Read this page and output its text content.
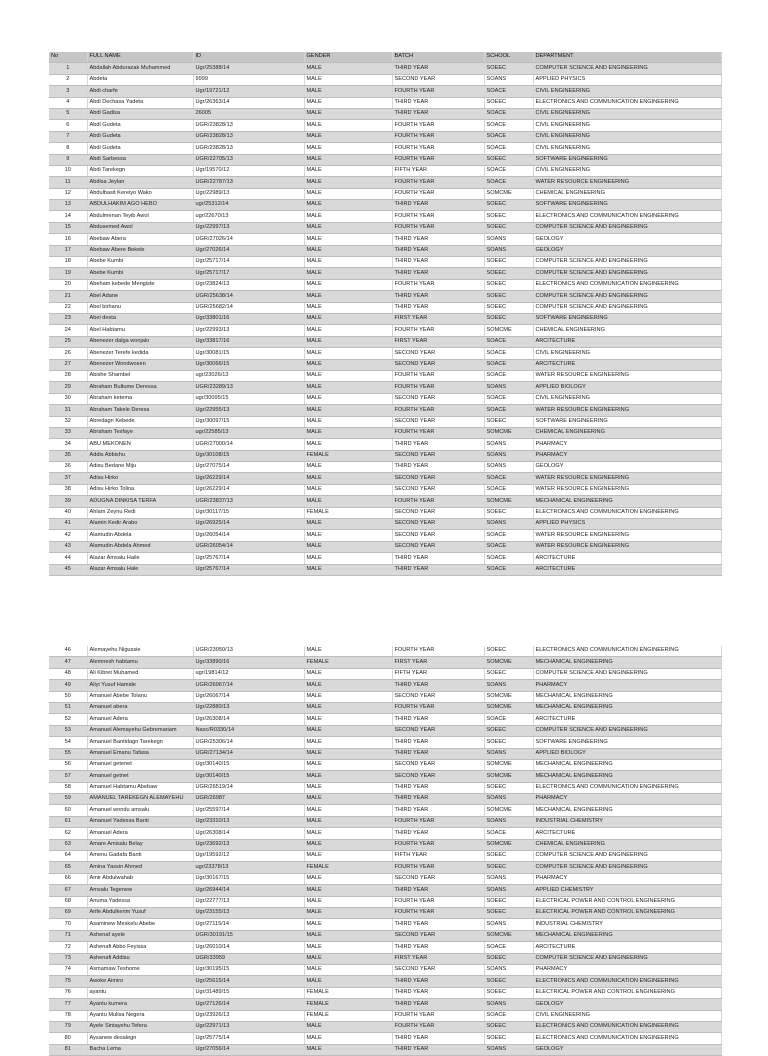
No	FULL NAME	ID	GENDER	BATCH	SCHOOL	DEPARTMENT
1	Abdallah Abdurazak Muhammed	Ugr/25388/14	MALE	THIRD YEAR	SOEEC	COMPUTER SCIENCE AND ENGINEERING
2	Abdeta	9999	MALE	SECOND YEAR	SOANS	APPLIED PHYSICS
3	Abdi charfe	Ugr/19721/12	MALE	FOURTH YEAR	SOACE	CIVIL ENGINEERING
4	Abdi Dechasa Yadeta	Ugr/26363/14	MALE	THIRD YEAR	SOEEC	ELECTRONICS AND COMMUNICATION ENGINEERING
5	Abdi Gadisa	26005	MALE	THIRD YEAR	SOACE	CIVIL ENGINEERING
6	Abdi Gudeta	UGR/23828/13	MALE	FOURTH YEAR	SOACE	CIVIL ENGINEERING
7	Abdi Gudeta	UGR/23828/13	MALE	FOURTH YEAR	SOACE	CIVIL ENGINEERING
8	Abdi Gudeta	UGR/23828/13	MALE	FOURTH YEAR	SOACE	CIVIL ENGINEERING
9	Abdi Sarbessa	UGR/22705/13	MALE	FOURTH YEAR	SOEEC	SOFTWARE ENGINEERING
10	Abdi Tarekegn	Ugr/19570/12	MALE	FIFTH YEAR	SOACE	CIVIL ENGINEERING
11	Abdisa Jeylan	UGR/22787/13	MALE	FOURTH YEAR	SOACE	WATER RESOURCE ENGINEERING
12	Abdulbasit Kereiyo Wako	Ugr/22989/13	MALE	FOURTH YEAR	SOMCME	CHEMICAL ENGINEERING
13	ABDULHAKIM AGO HEBO	ugr/25312/14	MALE	THIRD YEAR	SOEEC	SOFTWARE ENGINEERING
14	Abdulmenan Teyib Awol	ugr/22670/13	MALE	FOURTH YEAR	SOEEC	ELECTRONICS AND COMMUNICATION ENGINEERING
15	Abdusemed Awol	Ugr/22997/13	MALE	FOURTH YEAR	SOEEC	COMPUTER SCIENCE AND ENGINEERING
16	Abebaw Abera	UGR/27026/14	MALE	THIRD YEAR	SOANS	GEOLOGY
17	Abebaw Abere Bekele	Ugr/27026/14	MALE	THIRD YEAR	SOANS	GEOLOGY
18	Abebe Kumbi	Ugr/25717/14	MALE	THIRD YEAR	SOEEC	COMPUTER SCIENCE AND ENGINEERING
19	Abebe Kumbi	Ugr/25717/17	MALE	THIRD YEAR	SOEEC	COMPUTER SCIENCE AND ENGINEERING
20	Abeham kebede Mengiste	Ugr/23824/13	MALE	FOURTH YEAR	SOEEC	ELECTRONICS AND COMMUNICATION ENGINEERING
21	Abel Adane	UGR/25638/14	MALE	THIRD YEAR	SOEEC	COMPUTER SCIENCE AND ENGINEERING
22	Abel birhanu	UGR/25682/14	MALE	THIRD YEAR	SOEEC	COMPUTER SCIENCE AND ENGINEERING
23	Abel desta	Ugr/33801/16	MALE	FIRST YEAR	SOEEC	SOFTWARE ENGINEERING
24	Abel Habtamu	Ugr/22993/13	MALE	FOURTH YEAR	SOMCME	CHEMICAL ENGINEERING
25	Abenezer dalga wonjalo	Ugr/33817/16	MALE	FIRST YEAR	SOACE	ARCITECTURE
26	Abenezer Terefe kedida	Ugr/30081/15	MALE	SECOND YEAR	SOACE	CIVIL ENGINEERING
27	Abenezer Wondwosen	Ugr/30066/15	MALE	SECOND YEAR	SOACE	ARCITECTURE
28	Abishe Shambel	ugr/23026/13	MALE	FOURTH YEAR	SOACE	WATER RESOURCE ENGINEERING
29	Abraham Bultume Deressa	UGR/23289/13	MALE	FOURTH YEAR	SOANS	APPLIED BIOLOGY
30	Abraham ketema	ugr/30095/15	MALE	SECOND YEAR	SOACE	CIVIL ENGINEERING
31	Abraham Takele Deresa	Ugr/22955/13	MALE	FOURTH YEAR	SOACE	WATER RESOURCE ENGINEERING
32	Abredagn Kebede	Ugr/30097/15	MALE	SECOND YEAR	SOEEC	SOFTWARE ENGINEERING
33	Abraham Tesfaye	ugr/22585/13	MALE	FOURTH YEAR	SOMCME	CHEMICAL ENGINEERING
34	ABU MEKONEN	UGR/27000/14	MALE	THIRD YEAR	SOANS	PHARMACY
35	Addis Abbishu	Ugr/30108/15	FEMALE	SECOND YEAR	SOANS	PHARMACY
36	Adisu Bedane Miju	Ugr/27075/14	MALE	THIRD YEAR	SOANS	GEOLOGY
37	Adisu Hirko	Ugr/26229/14	MALE	SECOND YEAR	SOACE	WATER RESOURCE ENGINEERING
38	Adisu Hirko Tolina	Ugr/26229/14	MALE	SECOND YEAR	SOACE	WATER RESOURCE ENGINEERING
39	ADUGNA DINKISA TERFA	UGR/23837/13	MALE	FOURTH YEAR	SOMCME	MECHANICAL ENGINEERING
40	Ahlam Zeynu Redi	Ugr/30117/15	FEMALE	SECOND YEAR	SOEEC	ELECTRONICS AND COMMUNICATION ENGINEERING
41	Alamin Kedir Arabo	Ugr/26925/14	MALE	SECOND YEAR	SOANS	APPLIED PHYSICS
42	Alamudin Abdela	Ugr/26054/14	MALE	SECOND YEAR	SOACE	WATER RESOURCE ENGINEERING
43	Alamudin Abdela Ahmed	UGR/26054/14	MALE	SECOND YEAR	SOACE	WATER RESOURCE ENGINEERING
44	Alazar Amsalu Haile	Ugr/25767/14	MALE	THIRD YEAR	SOACE	ARCITECTURE
45	Alazar Amsalu Hale	Ugr/25767/14	MALE	THIRD YEAR	SOACE	ARCITECTURE
46	Alemayehu Nigussie	UGR/23050/13	MALE	FOURTH YEAR	SOEEC	ELECTRONICS AND COMMUNICATION ENGINEERING
47	Alemnesh habtamu	Ugr/33890/16	FEMALE	FIRST YEAR	SOMCME	MECHANICAL ENGINEERING
48	Ali Kibret Muhamed	ugr/19814/12	MALE	FIFTH YEAR	SOEEC	COMPUTER SCIENCE AND ENGINEERING
49	Aliyi Yusuf Hamide	UGR/26967/14	MALE	THIRD YEAR	SOANS	PHARMACY
50	Amanuel Abebe Tolanu	Ugr/26067/14	MALE	SECOND YEAR	SOMCME	MECHANICAL ENGINEERING
51	Amanuel abera	Ugr/22880/13	MALE	FOURTH YEAR	SOMCME	MECHANICAL ENGINEERING
52	Amanuel Adera	Ugr/26308/14	MALE	THIRD YEAR	SOACE	ARCITECTURE
53	Amanuel Alemayehu Gebremariam	Nasc/R0330/14	MALE	SECOND YEAR	SOEEC	COMPUTER SCIENCE AND ENGINEERING
54	Amanuel Bantidagn Tarekegn	UGR/25306/14	MALE	THIRD YEAR	SOEEC	SOFTWARE ENGINEERING
55	Amanuel Emanu Tafasa	UGR/27134/14	MALE	THIRD YEAR	SOANS	APPLIED BIOLOGY
56	Amanuel getenet	Ugr/30140/15	MALE	SECOND YEAR	SOMCME	MECHANICAL ENGINEERING
57	Amanuel getnet	Ugr/30140/15	MALE	SECOND YEAR	SOMCME	MECHANICAL ENGINEERING
58	Amanuel Habtamu Abebaw	UGR/26519/14	MALE	THIRD YEAR	SOEEC	ELECTRONICS AND COMMUNICATION ENGINEERING
59	AMANUEL TAREKEGN ALEMAYEHU	UGR/26987	MALE	THIRD YEAR	SOANS	PHARMACY
60	Amanuel wondu amsalu	Ugr/25597/14	MALE	THIRD YEAR	SOMCME	MECHANICAL ENGINEERING
61	Amanuel Yadessa Banti	Ugr/23310/13	MALE	FOURTH YEAR	SOANS	INDUSTRIAL CHEMISTRY
62	Amanuel Adera	Ugr/26308/14	MALE	THIRD YEAR	SOACE	ARCITECTURE
63	Amare Amisalu Belay	Ugr/23692/13	MALE	FOURTH YEAR	SOMCME	CHEMICAL ENGINEERING
64	Amenu Gadafa Banti	Ugr/19592/12	MALE	FIFTH YEAR	SOEEC	COMPUTER SCIENCE AND ENGINEERING
65	Amina Yassin Ahmed	ugr/23378/13	FEMALE	FOURTH YEAR	SOEEC	COMPUTER SCIENCE AND ENGINEERING
66	Amir Abdulwahab	Ugr/30167/15	MALE	SECOND YEAR	SOANS	PHARMACY
67	Amsalu Tegenew	Ugr/26944/14	MALE	THIRD YEAR	SOANS	APPLIED CHEMISTRY
68	Anuma Yadessa	Ugr/22777/13	MALE	FOURTH YEAR	SOEEC	ELECTRICAL POWER AND CONTROL ENGINEERING
69	Arife Abdulkerim Yusuf	Ugr/23155/13	MALE	FOURTH YEAR	SOEEC	ELECTRICAL POWER AND CONTROL ENGINEERING
70	Asaminew Meskelu Abebe	Ugr/27115/14	MALE	THIRD YEAR	SOANS	INDUSTRIAL CHEMISTRY
71	Ashenaf ayele	UGR/30191/15	MALE	SECOND YEAR	SOMCME	MECHANICAL ENGINEERING
72	Ashenafi Abbo Feyissa	Ugr/26010/14	MALE	THIRD YEAR	SOACE	ARCITECTURE
73	Ashenafi Addisu	UGR/33959	MALE	FIRST YEAR	SOEEC	COMPUTER SCIENCE AND ENGINEERING
74	Asmamaw Teshome	Ugr/30195/15	MALE	SECOND YEAR	SOANS	PHARMACY
75	Awoke Aimiro	Ugr/25615/14	MALE	THIRD YEAR	SOEEC	ELECTRONICS AND COMMUNICATION ENGINEERING
76	ayantu	Ugr/31489/15	FEMALE	THIRD YEAR	SOEEC	ELECTRICAL POWER AND CONTROL ENGINEERING
77	Ayantu kumera	Ugr/27126/14	FEMALE	THIRD YEAR	SOANS	GEOLOGY
78	Ayantu Mulisa Negera	Ugr/23926/13	FEMALE	FOURTH YEAR	SOACE	CIVIL ENGINEERING
79	Ayele Sintayehu Tefera	Ugr/22971/13	MALE	FOURTH YEAR	SOEEC	ELECTRONICS AND COMMUNICATION ENGINEERING
80	Aysanew desalegn	Ugr/25775/14	MALE	THIRD YEAR	SOEEC	ELECTRONICS AND COMMUNICATION ENGINEERING
81	Bacha Lema	Ugr/27056/14	MALE	THIRD YEAR	SOANS	GEOLOGY
